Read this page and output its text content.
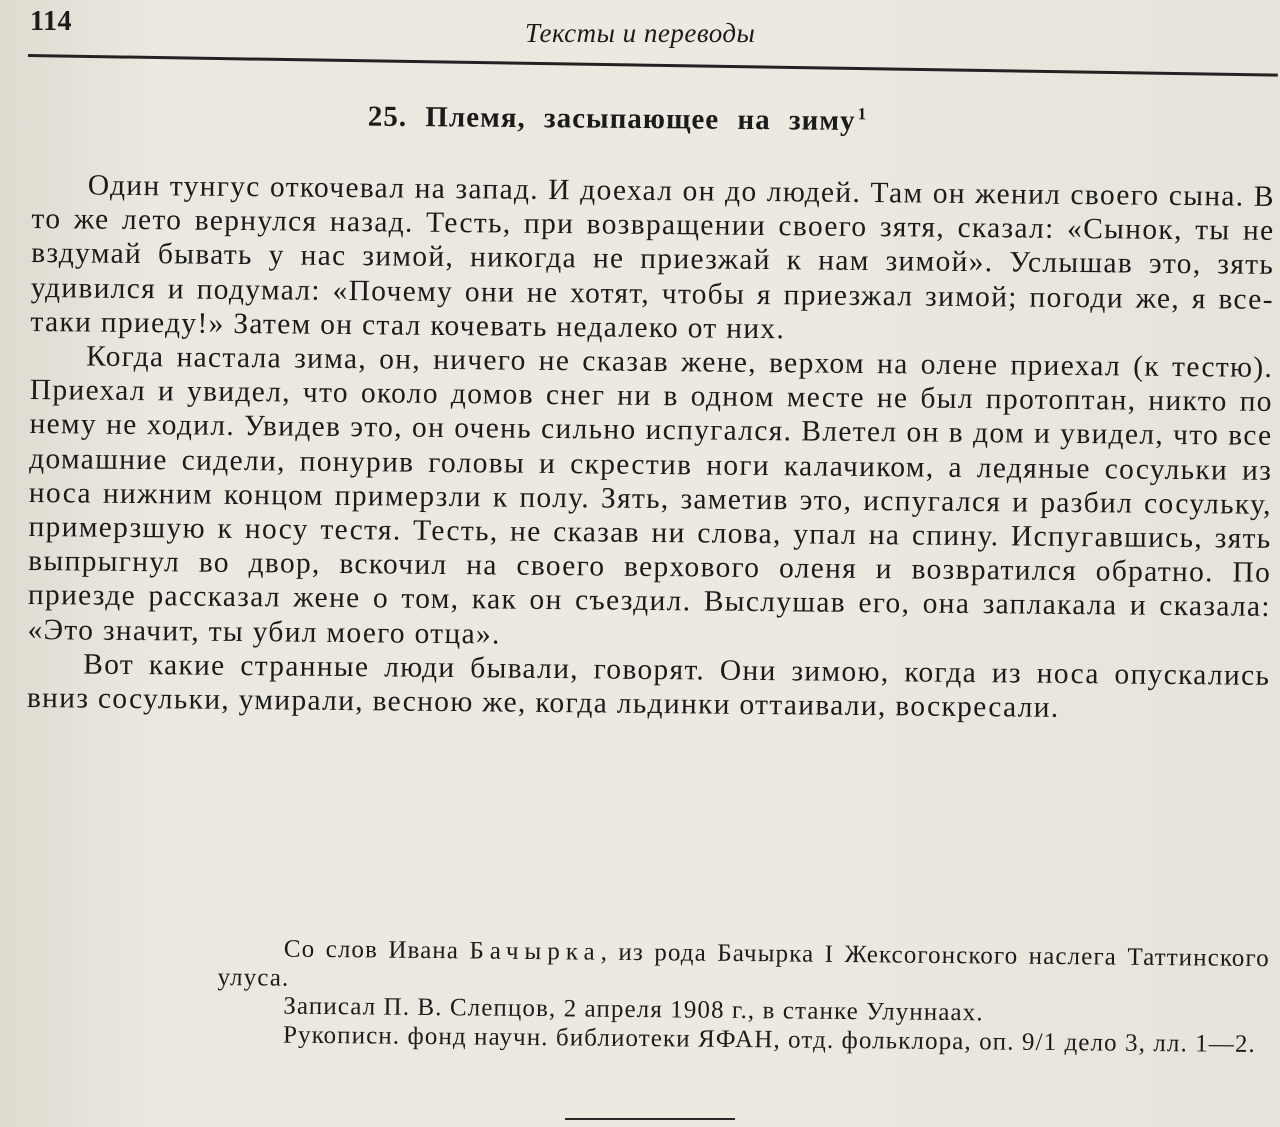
114	Тексты и переводы
25. Племя, засыпающее на зиму $^1$

Один тунгус откочевал на запад. И доехал он до людей. Там он женил своего сына. В то же лето вернулся назад. Тесть, при возвращении своего зятя, сказал: «Сынок, ты не вздумай бывать у нас зимой, никогда не приезжай к нам зимой». Услышав это, зять удивился и подумал: «Почему они не хотят, чтобы я приезжал зимой; погоди же, я все-таки приеду!» Затем он стал кочевать недалеко от них.

Когда настала зима, он, ничего не сказав жене, верхом на олене приехал (к тестю). Приехал и увидел, что около домов снег ни в одном месте не был протоптан, никто по нему не ходил. Увидев это, он очень сильно испугался. Влетел он в дом и увидел, что все домашние сидели, понурив головы и скрестив ноги калачиком, а ледяные сосульки из носа нижним концом примерзли к полу. Зять, заметив это, испугался и разбил сосульку, примерзшую к носу тестя. Тесть, не сказав ни слова, упал на спину. Испугавшись, зять выпрыгнул во двор, вскочил на своего верхового оленя и возвратился обратно. По приезде рассказал жене о том, как он съездил. Выслушав его, она заплакала и сказала: «Это значит, ты убил моего отца».

Вот какие странные люди бывали, говорят. Они зимою, когда из носа опускались вниз сосульки, умирали, весною же, когда льдинки оттаивали, воскресали.

Со слов Ивана Бачырка, из рода Бачырка I Жексогонского наслега Таттинского улуса.

Записал П. В. Слепцов, 2 апреля 1908 г., в станке Улуннаах.

Рукописн. фонд научн. библиотеки ЯФАН, отд. фольклора, оп. 9/1 дело 3, лл. 1—2.
